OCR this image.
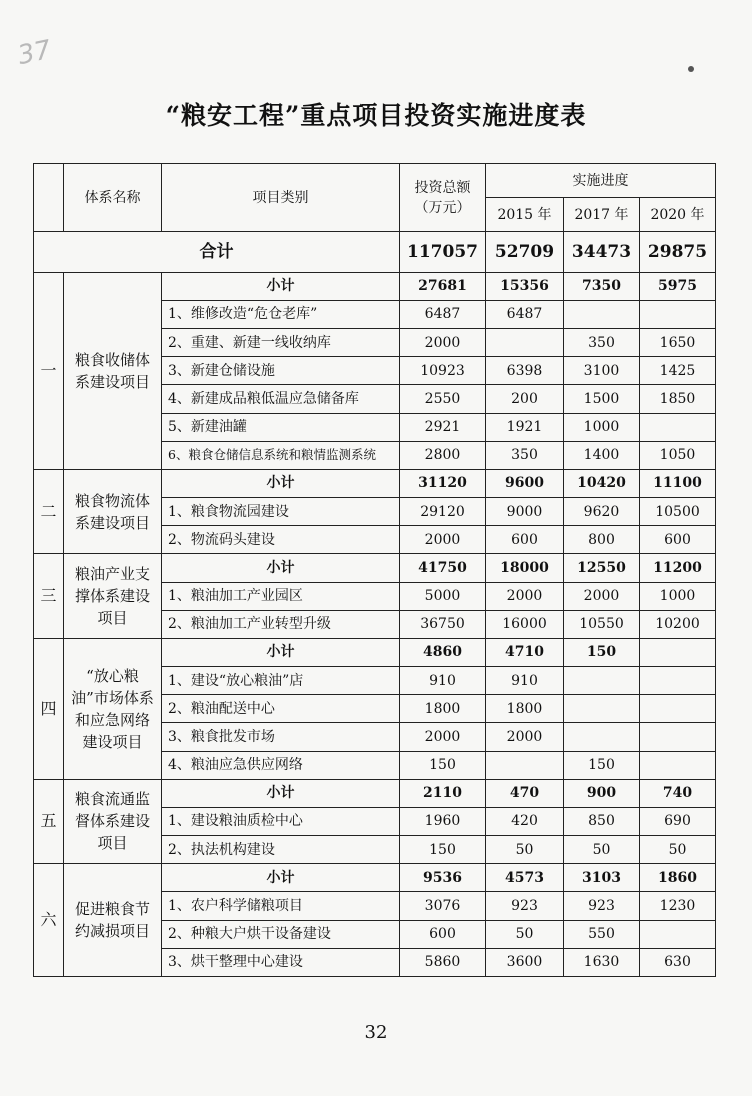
37
“粮安工程”重点项目投资实施进度表
	体系名称	项目类别	投资总额
（万元）	实施进度		
				2015 年	2017 年	2020 年
合计			117057	52709	34473	29875
一	粮食收储体系建设项目	小计	27681	15356	7350	5975
		1、维修改造“危仓老库”	6487	6487		
		2、重建、新建一线收纳库	2000		350	1650
		3、新建仓储设施	10923	6398	3100	1425
		4、新建成品粮低温应急储备库	2550	200	1500	1850
		5、新建油罐	2921	1921	1000	
		6、粮食仓储信息系统和粮情监测系统	2800	350	1400	1050
二	粮食物流体系建设项目	小计	31120	9600	10420	11100
		1、粮食物流园建设	29120	9000	9620	10500
		2、物流码头建设	2000	600	800	600
三	粮油产业支撑体系建设项目	小计	41750	18000	12550	11200
		1、粮油加工产业园区	5000	2000	2000	1000
		2、粮油加工产业转型升级	36750	16000	10550	10200
四	“放心粮油”市场体系和应急网络建设项目	小计	4860	4710	150	
		1、建设“放心粮油”店	910	910		
		2、粮油配送中心	1800	1800		
		3、粮食批发市场	2000	2000		
		4、粮油应急供应网络	150		150	
五	粮食流通监督体系建设项目	小计	2110	470	900	740
		1、建设粮油质检中心	1960	420	850	690
		2、执法机构建设	150	50	50	50
六	促进粮食节约减损项目	小计	9536	4573	3103	1860
		1、农户科学储粮项目	3076	923	923	1230
		2、种粮大户烘干设备建设	600	50	550	
		3、烘干整理中心建设	5860	3600	1630	630
32
